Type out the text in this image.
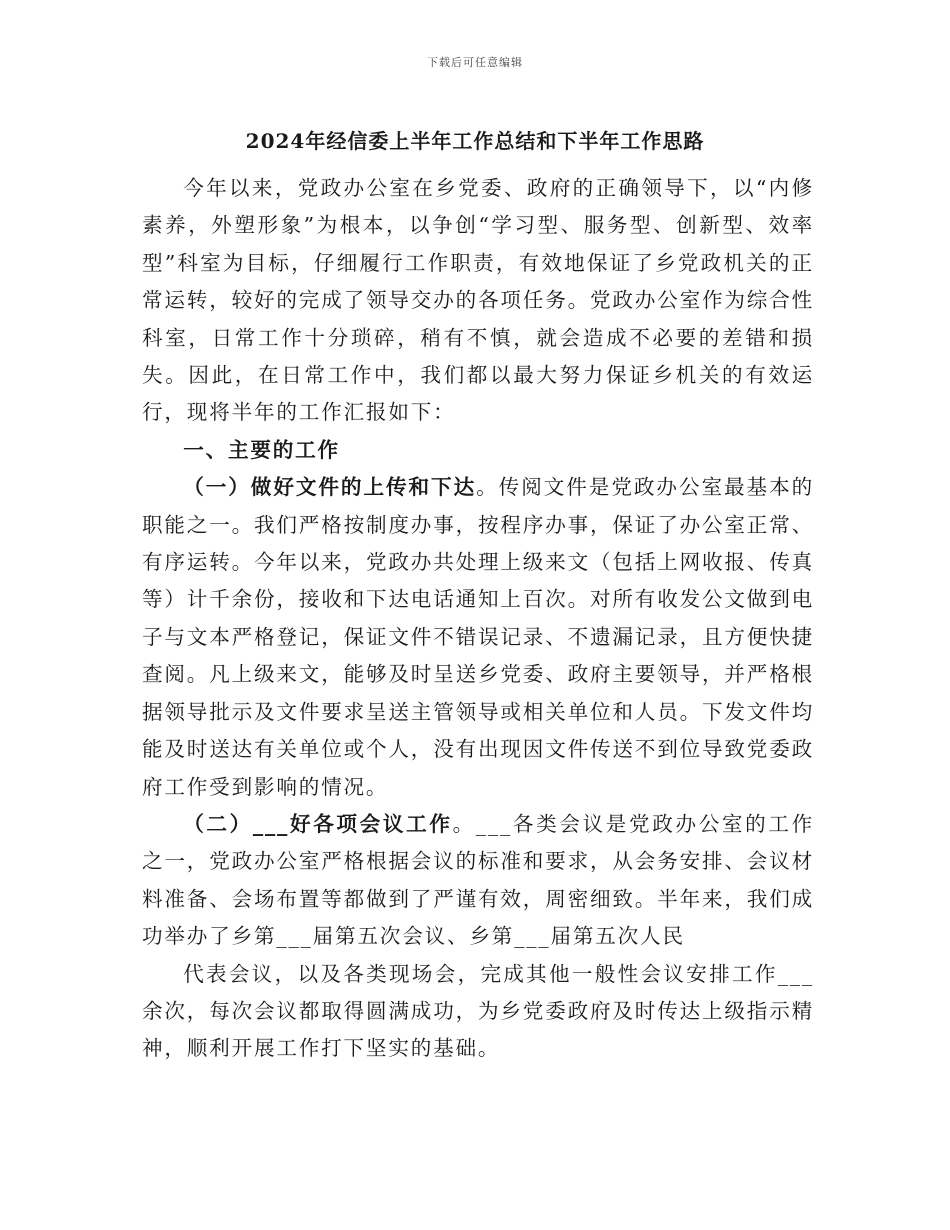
下载后可任意编辑
2024年经信委上半年工作总结和下半年工作思路

今年以来，党政办公室在乡党委、政府的正确领导下，以“内修素养，外塑形象”为根本，以争创“学习型、服务型、创新型、效率型”科室为目标，仔细履行工作职责，有效地保证了乡党政机关的正常运转，较好的完成了领导交办的各项任务。党政办公室作为综合性科室，日常工作十分琐碎，稍有不慎，就会造成不必要的差错和损失。因此，在日常工作中，我们都以最大努力保证乡机关的有效运行，现将半年的工作汇报如下：

一、主要的工作

（一）做好文件的上传和下达。传阅文件是党政办公室最基本的职能之一。我们严格按制度办事，按程序办事，保证了办公室正常、有序运转。今年以来，党政办共处理上级来文（包括上网收报、传真等）计千余份，接收和下达电话通知上百次。对所有收发公文做到电子与文本严格登记，保证文件不错误记录、不遗漏记录，且方便快捷查阅。凡上级来文，能够及时呈送乡党委、政府主要领导，并严格根据领导批示及文件要求呈送主管领导或相关单位和人员。下发文件均能及时送达有关单位或个人，没有出现因文件传送不到位导致党委政府工作受到影响的情况。

（二）___好各项会议工作。___各类会议是党政办公室的工作之一，党政办公室严格根据会议的标准和要求，从会务安排、会议材料准备、会场布置等都做到了严谨有效，周密细致。半年来，我们成功举办了乡第___届第五次会议、乡第___届第五次人民

代表会议，以及各类现场会，完成其他一般性会议安排工作___余次，每次会议都取得圆满成功，为乡党委政府及时传达上级指示精神，顺利开展工作打下坚实的基础。
